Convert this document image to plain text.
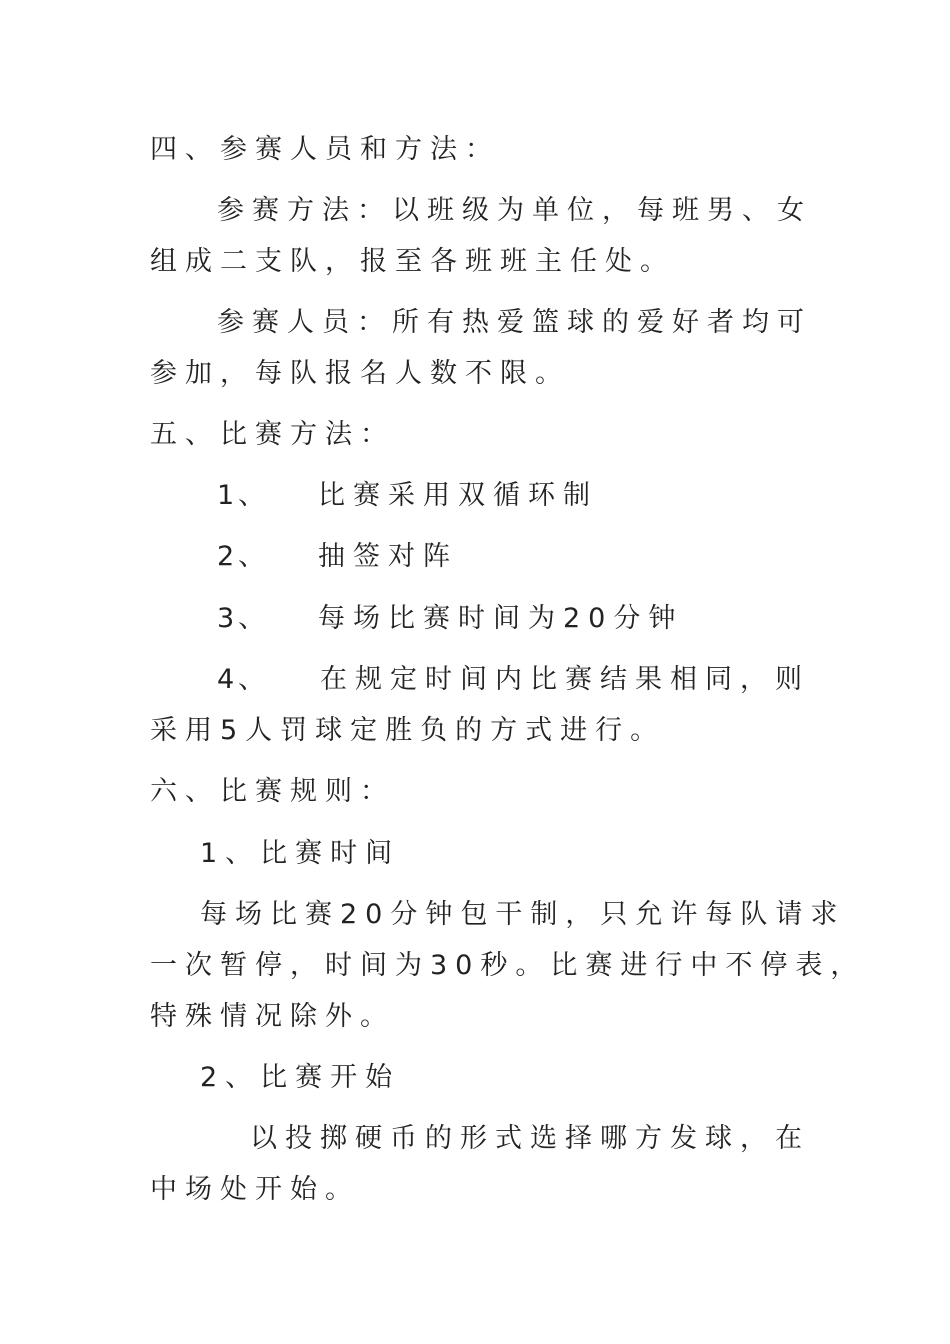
四、参赛人员和方法：
参赛方法：以班级为单位，每班男、女
组成二支队，报至各班班主任处。
参赛人员：所有热爱篮球的爱好者均可
参加，每队报名人数不限。
五、比赛方法：
1、 比赛采用双循环制
2、 抽签对阵
3、 每场比赛时间为20分钟
4、 在规定时间内比赛结果相同，则
采用5人罚球定胜负的方式进行。
六、比赛规则：
1、比赛时间
每场比赛20分钟包干制，只允许每队请求
一次暂停，时间为30秒。比赛进行中不停表，
特殊情况除外。
2、比赛开始
以投掷硬币的形式选择哪方发球，在
中场处开始。
